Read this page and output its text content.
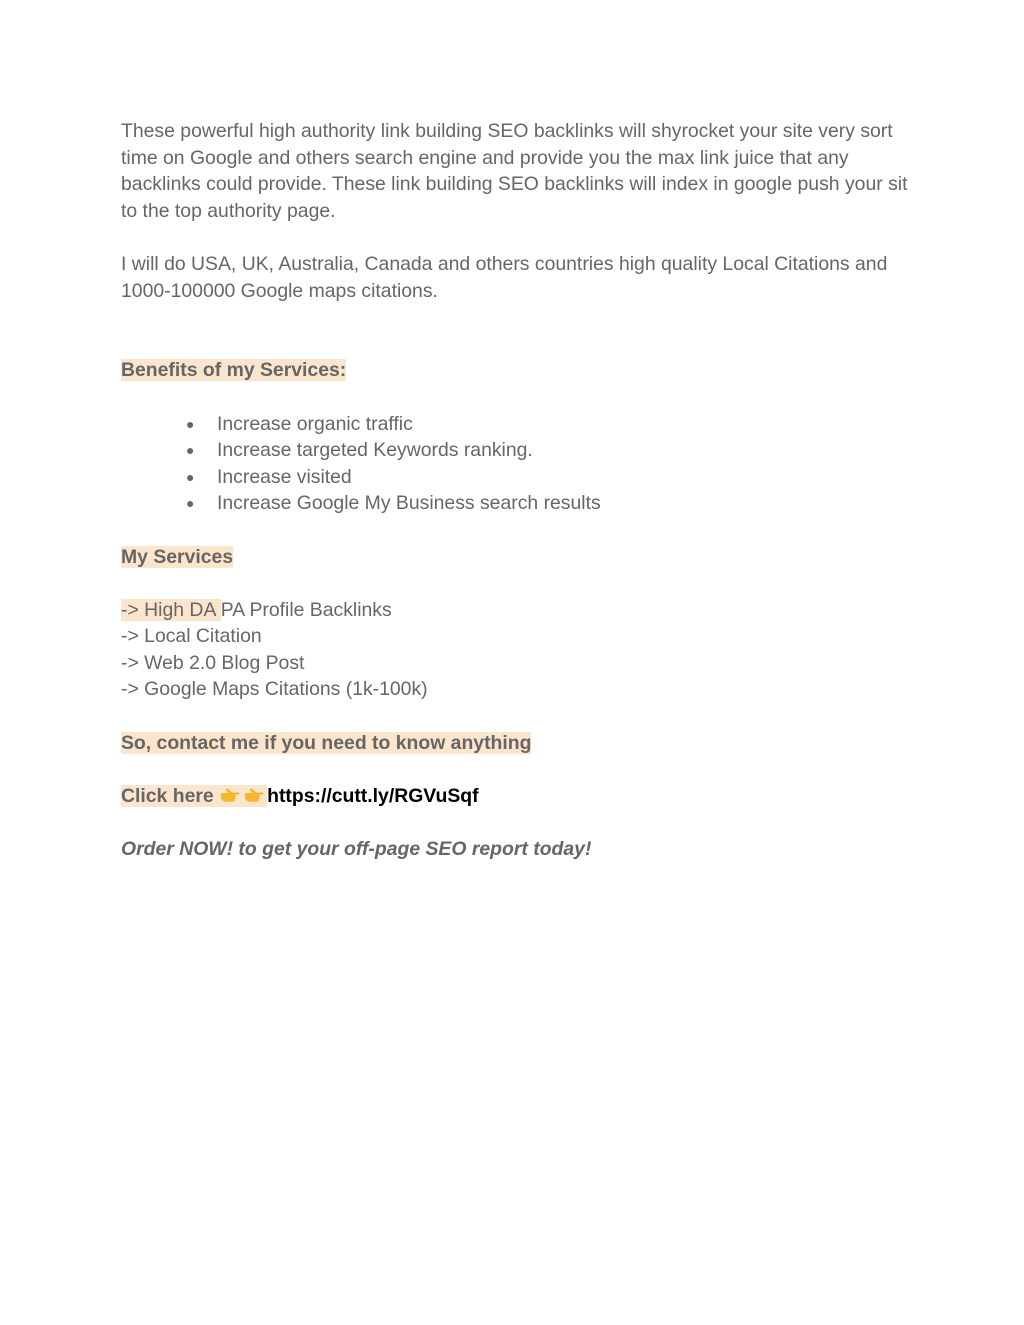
These powerful high authority link building SEO backlinks will shyrocket your site very sort time on Google and others search engine and provide you the max link juice that any backlinks could provide. These link building SEO backlinks will index in google push your sit to the top authority page.

I will do USA, UK, Australia, Canada and others countries high quality Local Citations and 1000-100000 Google maps citations.

Benefits of my Services:

● Increase organic traffic
● Increase targeted Keywords ranking.
● Increase visited
● Increase Google My Business search results

My Services

-> High DA PA Profile Backlinks

-> Local Citation

-> Web 2.0 Blog Post

-> Google Maps Citations (1k-100k)

So, contact me if you need to know anything

Click here https://cutt.ly/RGVuSqf

Order NOW! to get your off-page SEO report today!
